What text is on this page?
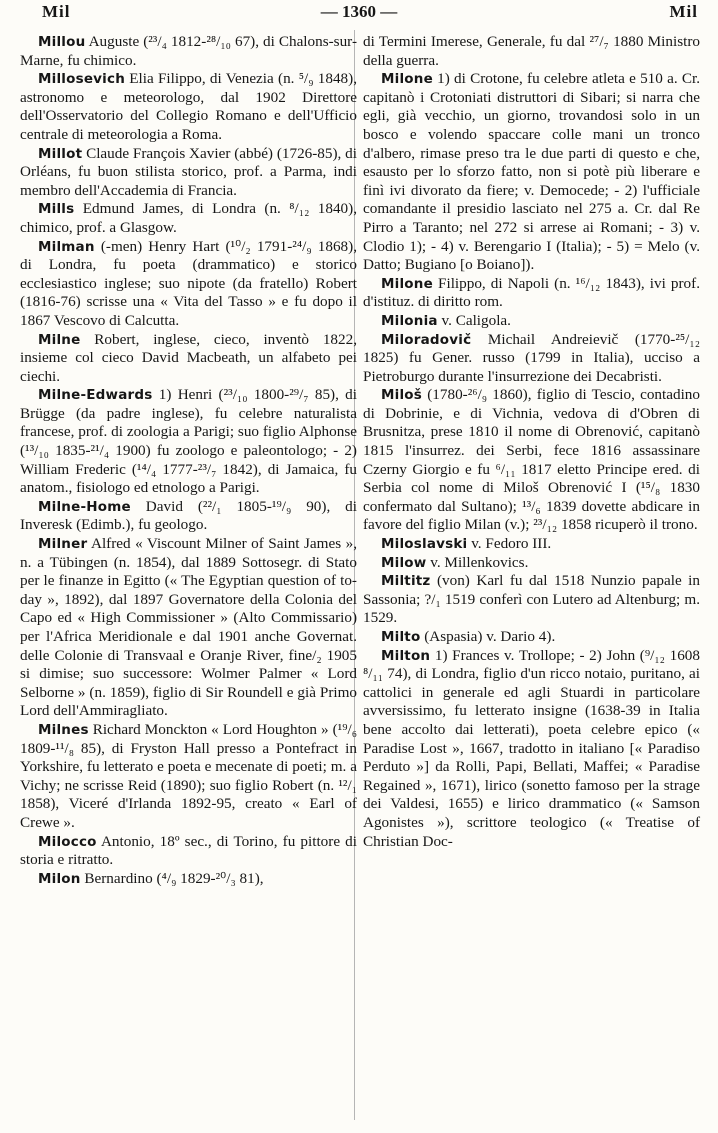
Mil	— 1360 —	Mil

Millou Auguste (²³/₄ 1812-²⁸/₁₀ 67), di Chalons-sur-Marne, fu chimico.

Millosevich Elia Filippo, di Venezia (n. ⁵/₉ 1848), astronomo e meteorologo, dal 1902 Direttore dell'Osservatorio del Collegio Romano e dell'Ufficio centrale di meteorologia a Roma.

Millot Claude François Xavier (abbé) (1726-85), di Orléans, fu buon stilista storico, prof. a Parma, indi membro dell'Accademia di Francia.

Mills Edmund James, di Londra (n. ⁸/₁₂ 1840), chimico, prof. a Glasgow.

Milman (-men) Henry Hart (¹⁰/₂ 1791-²⁴/₉ 1868), di Londra, fu poeta (drammatico) e storico ecclesiastico inglese; suo nipote (da fratello) Robert (1816-76) scrisse una « Vita del Tasso » e fu dopo il 1867 Vescovo di Calcutta.

Milne Robert, inglese, cieco, inventò 1822, insieme col cieco David Macbeath, un alfabeto pei ciechi.

Milne-Edwards 1) Henri (²³/₁₀ 1800-²⁹/₇ 85), di Brügge (da padre inglese), fu celebre naturalista francese, prof. di zoologia a Parigi; suo figlio Alphonse (¹³/₁₀ 1835-²¹/₄ 1900) fu zoologo e paleontologo; - 2) William Frederic (¹⁴/₄ 1777-²³/₇ 1842), di Jamaica, fu anatom., fisiologo ed etnologo a Parigi.

Milne-Home David (²²/₁ 1805-¹⁹/₉ 90), di Inveresk (Edimb.), fu geologo.

Milner Alfred « Viscount Milner of Saint James », n. a Tübingen (n. 1854), dal 1889 Sottosegr. di Stato per le finanze in Egitto (« The Egyptian question of to-day », 1892), dal 1897 Governatore della Colonia del Capo ed « High Commissioner » (Alto Commissario) per l'Africa Meridionale e dal 1901 anche Governat. delle Colonie di Transvaal e Oranje River, fine/₂ 1905 si dimise; suo successore: Wolmer Palmer « Lord Selborne » (n. 1859), figlio di Sir Roundell e già Primo Lord dell'Ammiragliato.

Milnes Richard Monckton « Lord Houghton » (¹⁹/₆ 1809-¹¹/₈ 85), di Fryston Hall presso a Pontefract in Yorkshire, fu letterato e poeta e mecenate di poeti; m. a Vichy; ne scrisse Reid (1890); suo figlio Robert (n. ¹²/₁ 1858), Viceré d'Irlanda 1892-95, creato « Earl of Crewe ».

Milocco Antonio, 18º sec., di Torino, fu pittore di storia e ritratto.

Milon Bernardino (⁴/₉ 1829-²⁰/₃ 81),

di Termini Imerese, Generale, fu dal ²⁷/₇ 1880 Ministro della guerra.

Milone 1) di Crotone, fu celebre atleta e 510 a. Cr. capitanò i Crotoniati distruttori di Sibari; si narra che egli, già vecchio, un giorno, trovandosi solo in un bosco e volendo spaccare colle mani un tronco d'albero, rimase preso tra le due parti di questo e che, esausto per lo sforzo fatto, non si potè più liberare e finì ivi divorato da fiere; v. Democede; - 2) l'ufficiale comandante il presidio lasciato nel 275 a. Cr. dal Re Pirro a Taranto; nel 272 si arrese ai Romani; - 3) v. Clodio 1); - 4) v. Berengario I (Italia); - 5) = Melo (v. Datto; Bugiano [o Boiano]).

Milone Filippo, di Napoli (n. ¹⁶/₁₂ 1843), ivi prof. d'istituz. di diritto rom.

Milonia v. Caligola.

Miloradovič Michail Andreievič (1770-²⁵/₁₂ 1825) fu Gener. russo (1799 in Italia), ucciso a Pietroburgo durante l'insurrezione dei Decabristi.

Miloš (1780-²⁶/₉ 1860), figlio di Tescio, contadino di Dobrinie, e di Vichnia, vedova di d'Obren di Brusnitza, prese 1810 il nome di Obrenović, capitanò 1815 l'insurrez. dei Serbi, fece 1816 assassinare Czerny Giorgio e fu ⁶/₁₁ 1817 eletto Principe ered. di Serbia col nome di Miloš Obrenović I (¹⁵/₈ 1830 confermato dal Sultano); ¹³/₆ 1839 dovette abdicare in favore del figlio Milan (v.); ²³/₁₂ 1858 ricuperò il trono.

Miloslavski v. Fedoro III.

Milow v. Millenkovics.

Miltitz (von) Karl fu dal 1518 Nunzio papale in Sassonia; ?/₁ 1519 conferì con Lutero ad Altenburg; m. 1529.

Milto (Aspasia) v. Dario 4).

Milton 1) Frances v. Trollope; - 2) John (⁹/₁₂ 1608 ⁸/₁₁ 74), di Londra, figlio d'un ricco notaio, puritano, ai cattolici in generale ed agli Stuardi in particolare avversissimo, fu letterato insigne (1638-39 in Italia bene accolto dai letterati), poeta celebre epico (« Paradise Lost », 1667, tradotto in italiano [« Paradiso Perduto »] da Rolli, Papi, Bellati, Maffei; « Paradise Regained », 1671), lirico (sonetto famoso per la strage dei Valdesi, 1655) e lirico drammatico (« Samson Agonistes »), scrittore teologico (« Treatise of Christian Doc-
